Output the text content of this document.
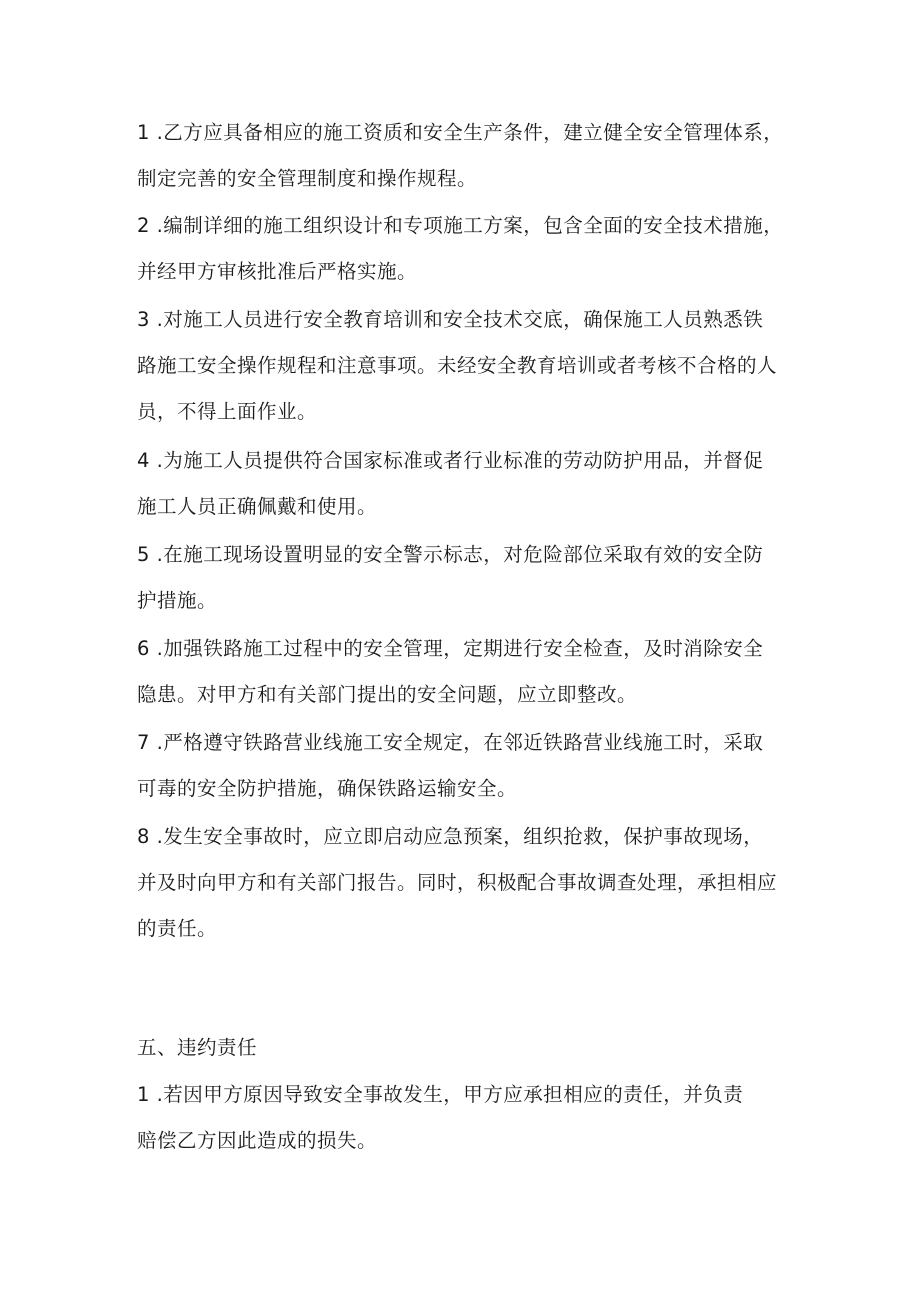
1 .乙方应具备相应的施工资质和安全生产条件，建立健全安全管理体系，
制定完善的安全管理制度和操作规程。
2 .编制详细的施工组织设计和专项施工方案，包含全面的安全技术措施，
并经甲方审核批准后严格实施。
3 .对施工人员进行安全教育培训和安全技术交底，确保施工人员熟悉铁
路施工安全操作规程和注意事项。未经安全教育培训或者考核不合格的人
员，不得上面作业。
4 .为施工人员提供符合国家标准或者行业标准的劳动防护用品，并督促
施工人员正确佩戴和使用。
5 .在施工现场设置明显的安全警示标志，对危险部位采取有效的安全防
护措施。
6 .加强铁路施工过程中的安全管理，定期进行安全检查，及时消除安全
隐患。对甲方和有关部门提出的安全问题，应立即整改。
7 .严格遵守铁路营业线施工安全规定，在邻近铁路营业线施工时，采取
可毒的安全防护措施，确保铁路运输安全。
8 .发生安全事故时，应立即启动应急预案，组织抢救，保护事故现场，
并及时向甲方和有关部门报告。同时，积极配合事故调查处理，承担相应
的责任。
五、违约责任
1 .若因甲方原因导致安全事故发生，甲方应承担相应的责任，并负责
赔偿乙方因此造成的损失。
